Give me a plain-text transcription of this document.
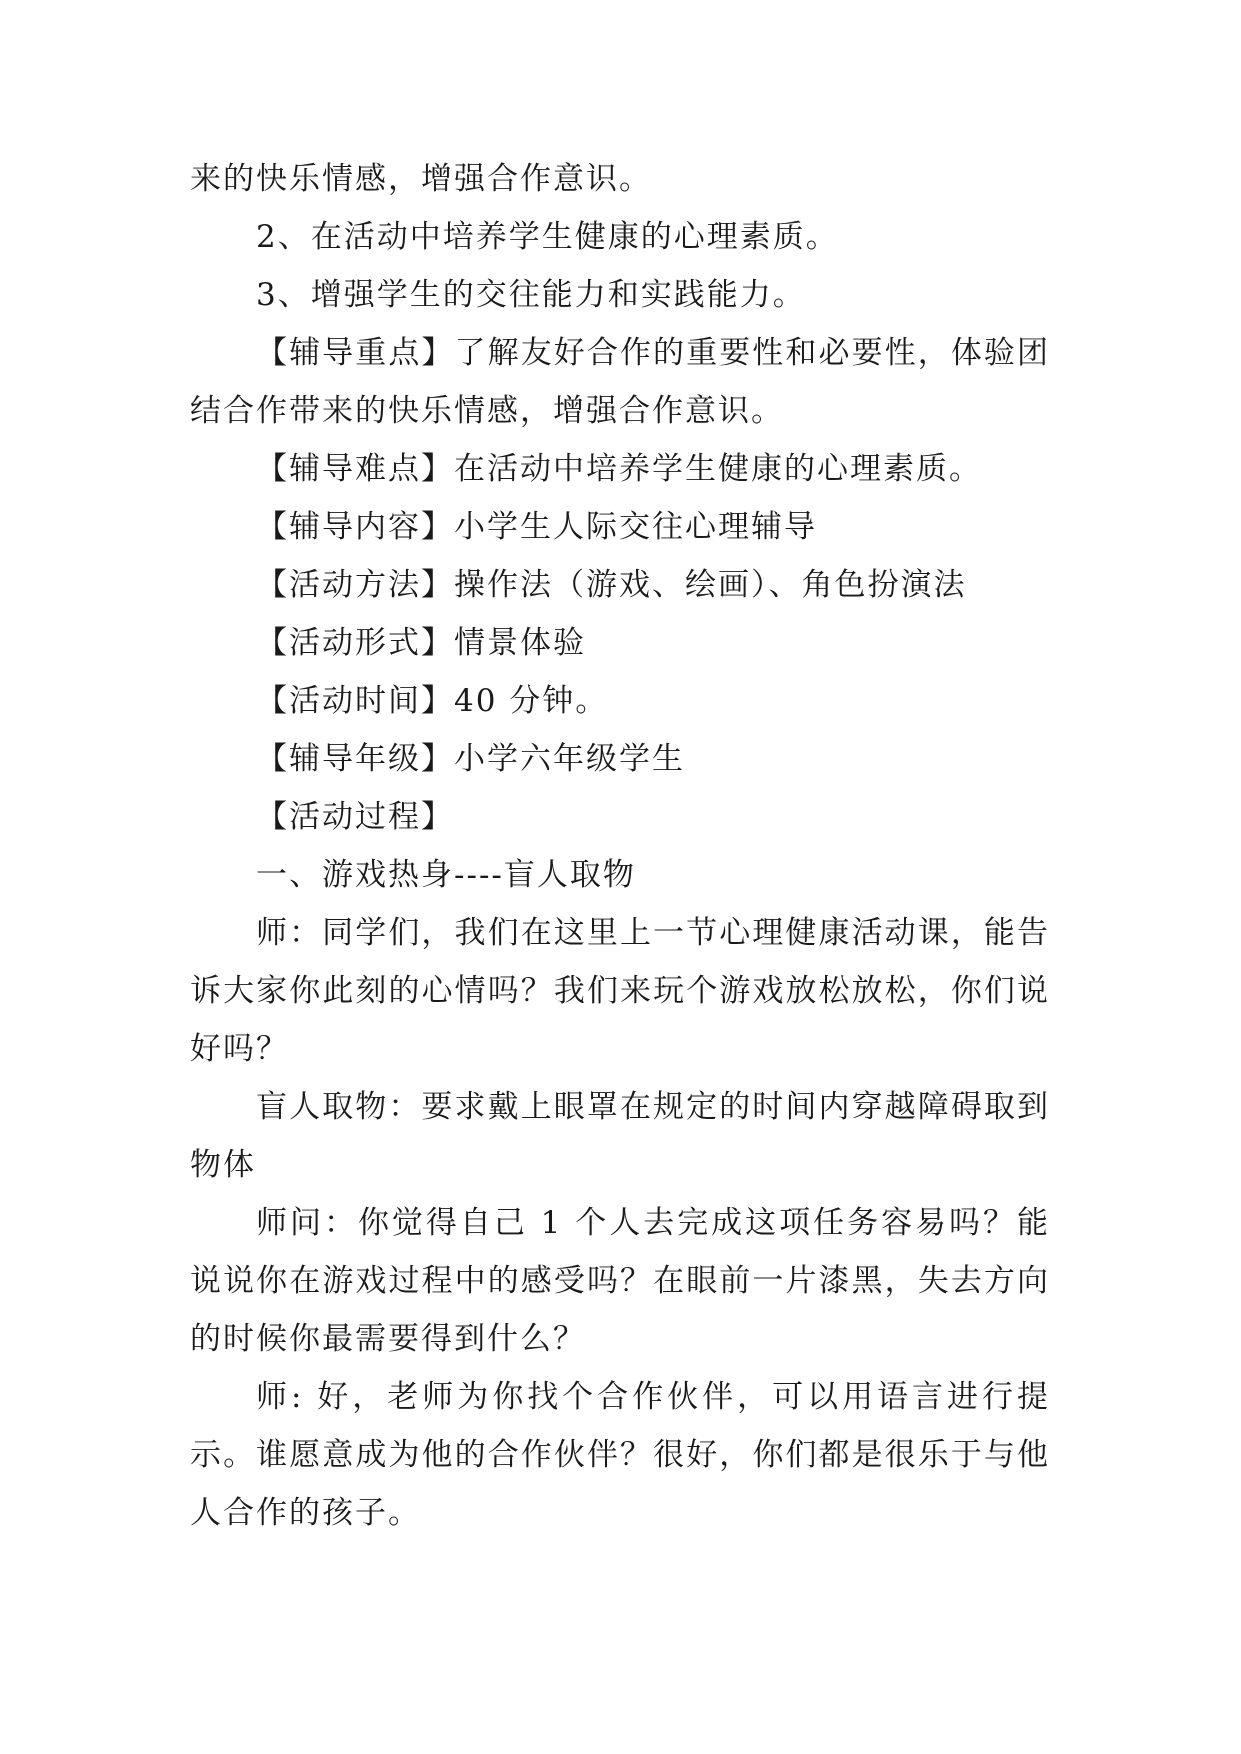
来的快乐情感，增强合作意识。

2、在活动中培养学生健康的心理素质。

3、增强学生的交往能力和实践能力。

【辅导重点】了解友好合作的重要性和必要性，体验团结合作带来的快乐情感，增强合作意识。

【辅导难点】在活动中培养学生健康的心理素质。

【辅导内容】小学生人际交往心理辅导

【活动方法】操作法（游戏、绘画）、角色扮演法

【活动形式】情景体验

【活动时间】40 分钟。

【辅导年级】小学六年级学生

【活动过程】

一、游戏热身----盲人取物

师：同学们，我们在这里上一节心理健康活动课，能告诉大家你此刻的心情吗？我们来玩个游戏放松放松，你们说好吗？

盲人取物：要求戴上眼罩在规定的时间内穿越障碍取到物体

师问：你觉得自己 1 个人去完成这项任务容易吗？能说说你在游戏过程中的感受吗？在眼前一片漆黑，失去方向的时候你最需要得到什么？

师: 好，老师为你找个合作伙伴，可以用语言进行提示。谁愿意成为他的合作伙伴？很好，你们都是很乐于与他人合作的孩子。
